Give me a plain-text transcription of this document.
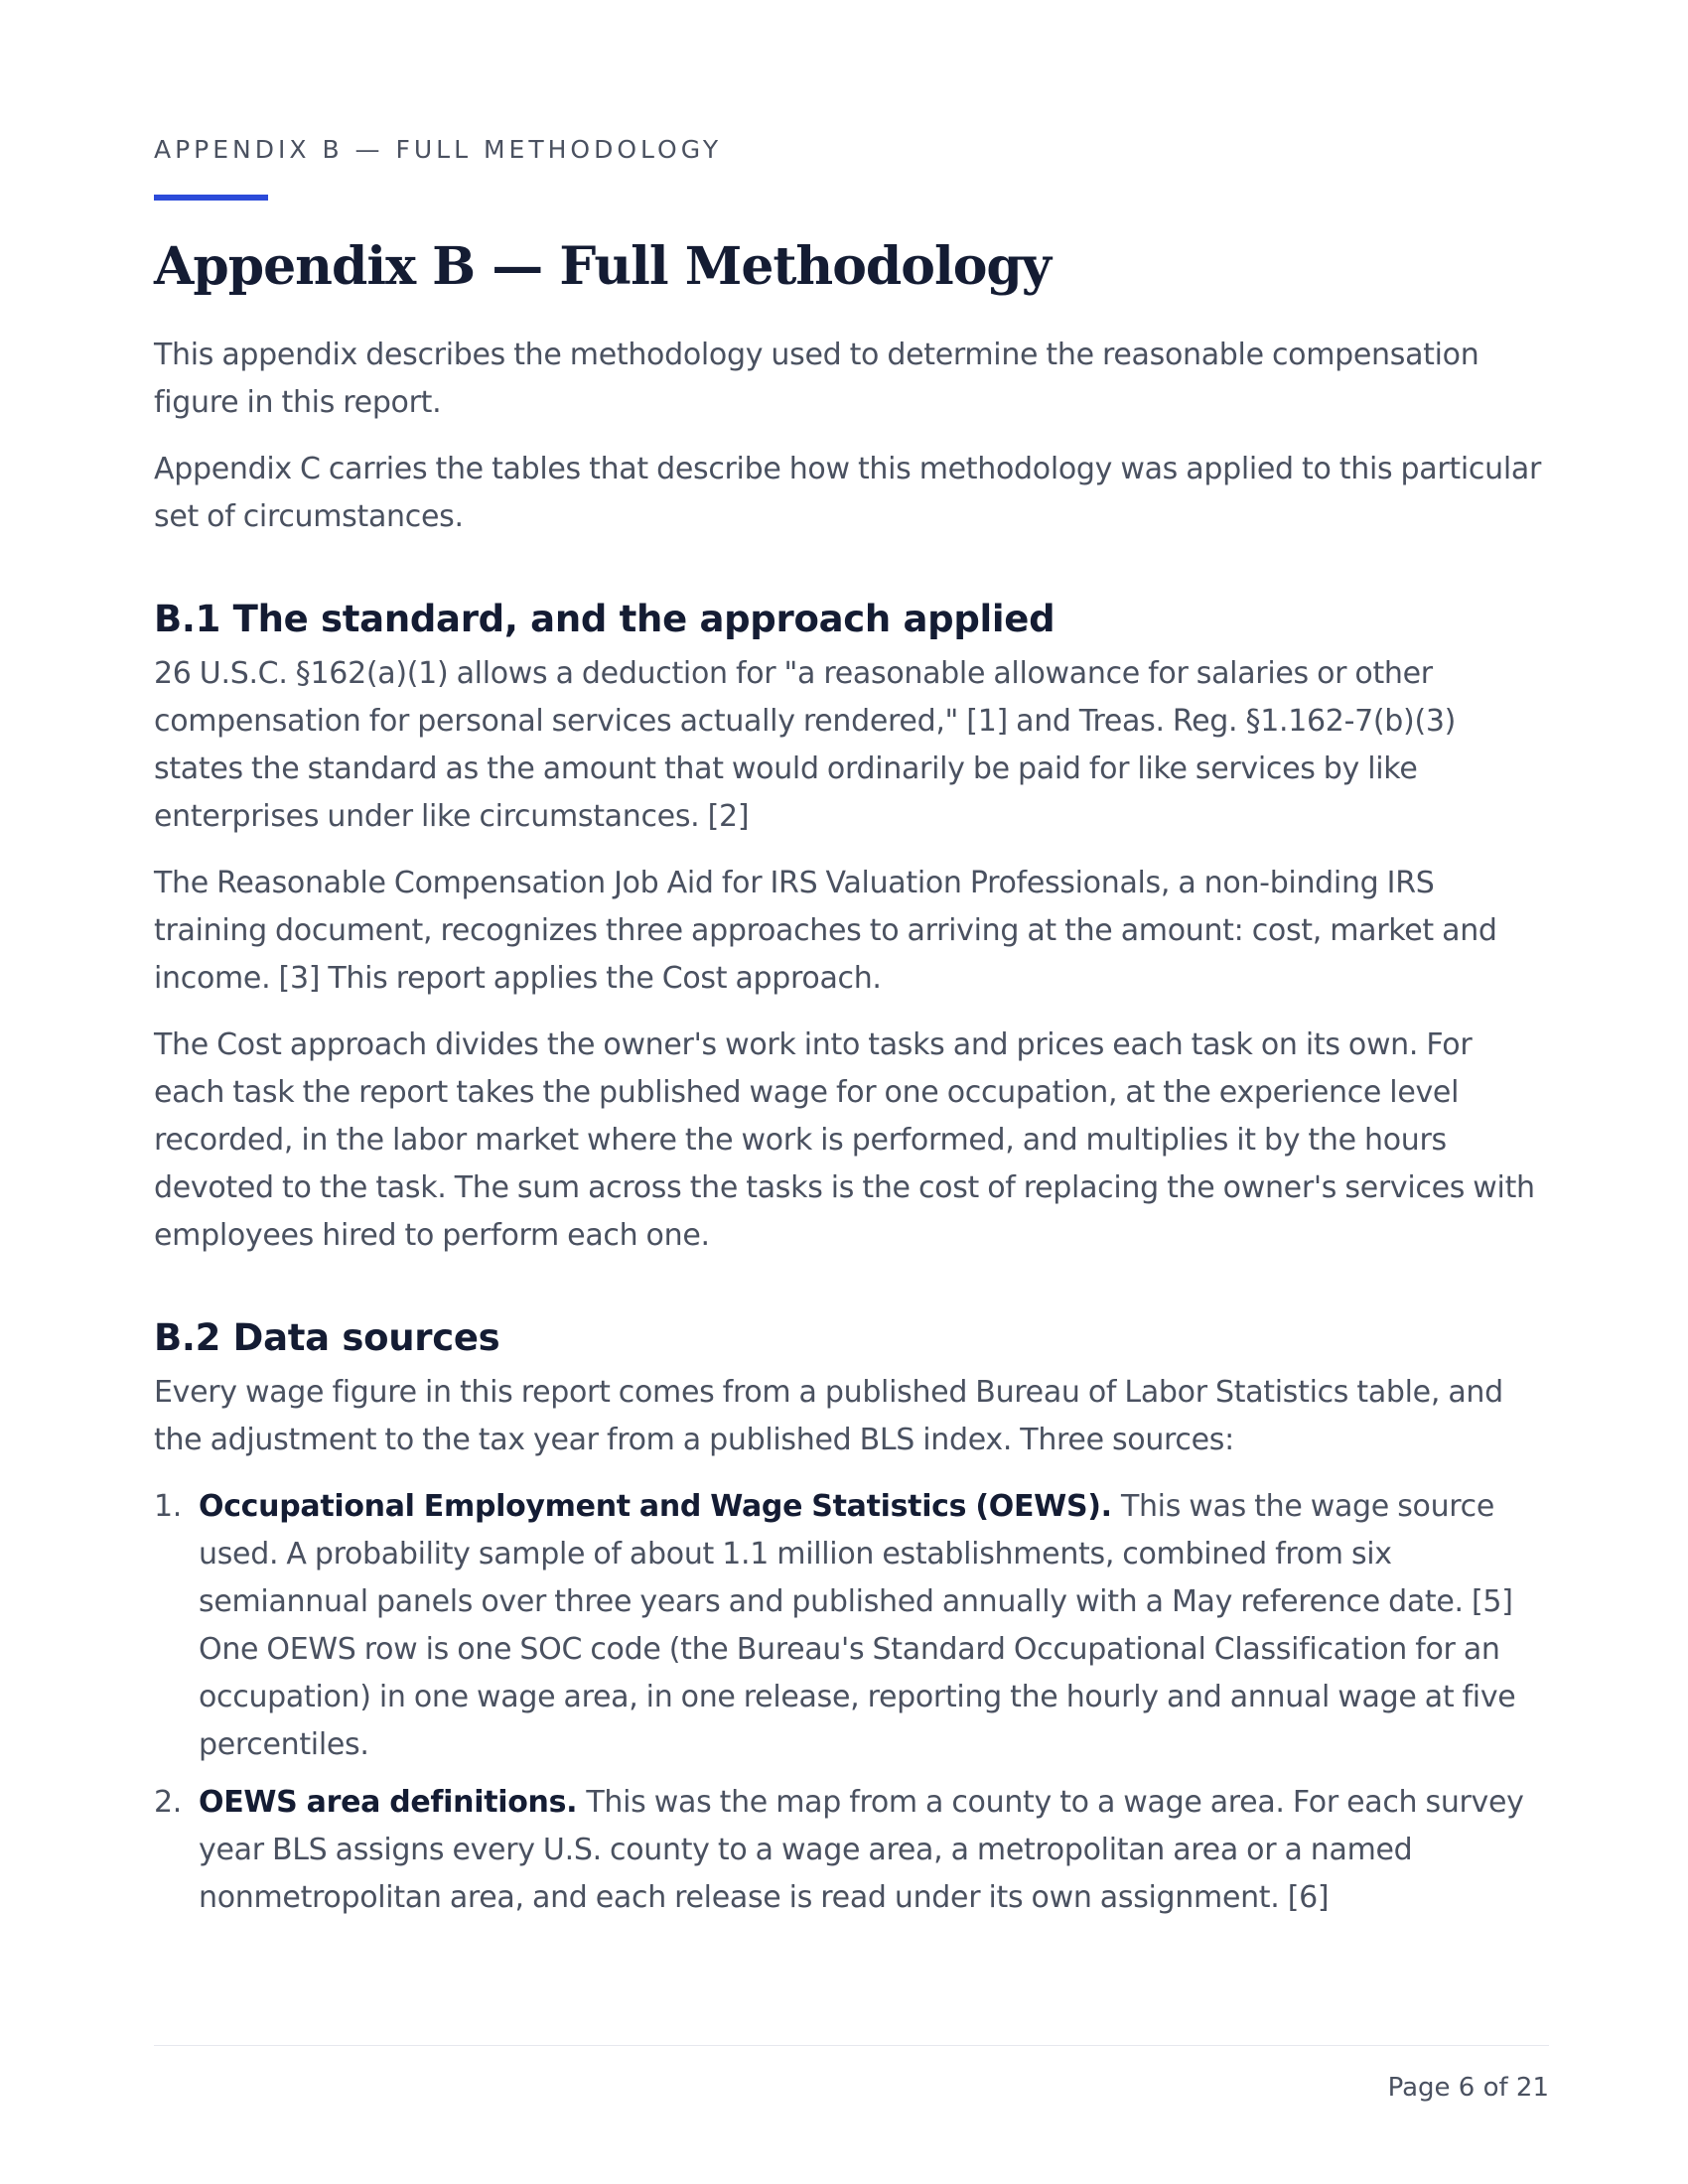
APPENDIX B — FULL METHODOLOGY
Appendix B — Full Methodology

This appendix describes the methodology used to determine the reasonable compensation figure in this report.

Appendix C carries the tables that describe how this methodology was applied to this particular set of circumstances.

B.1 The standard, and the approach applied

26 U.S.C. §162(a)(1) allows a deduction for "a reasonable allowance for salaries or other compensation for personal services actually rendered," [1] and Treas. Reg. §1.162-7(b)(3) states the standard as the amount that would ordinarily be paid for like services by like enterprises under like circumstances. [2]

The Reasonable Compensation Job Aid for IRS Valuation Professionals, a non-binding IRS training document, recognizes three approaches to arriving at the amount: cost, market and income. [3] This report applies the Cost approach.

The Cost approach divides the owner's work into tasks and prices each task on its own. For each task the report takes the published wage for one occupation, at the experience level recorded, in the labor market where the work is performed, and multiplies it by the hours devoted to the task. The sum across the tasks is the cost of replacing the owner's services with employees hired to perform each one.

B.2 Data sources

Every wage figure in this report comes from a published Bureau of Labor Statistics table, and the adjustment to the tax year from a published BLS index. Three sources:

1. Occupational Employment and Wage Statistics (OEWS). This was the wage source used. A probability sample of about 1.1 million establishments, combined from six semiannual panels over three years and published annually with a May reference date. [5] One OEWS row is one SOC code (the Bureau's Standard Occupational Classification for an occupation) in one wage area, in one release, reporting the hourly and annual wage at five percentiles.
2. OEWS area definitions. This was the map from a county to a wage area. For each survey year BLS assigns every U.S. county to a wage area, a metropolitan area or a named nonmetropolitan area, and each release is read under its own assignment. [6]
Page 6 of 21
